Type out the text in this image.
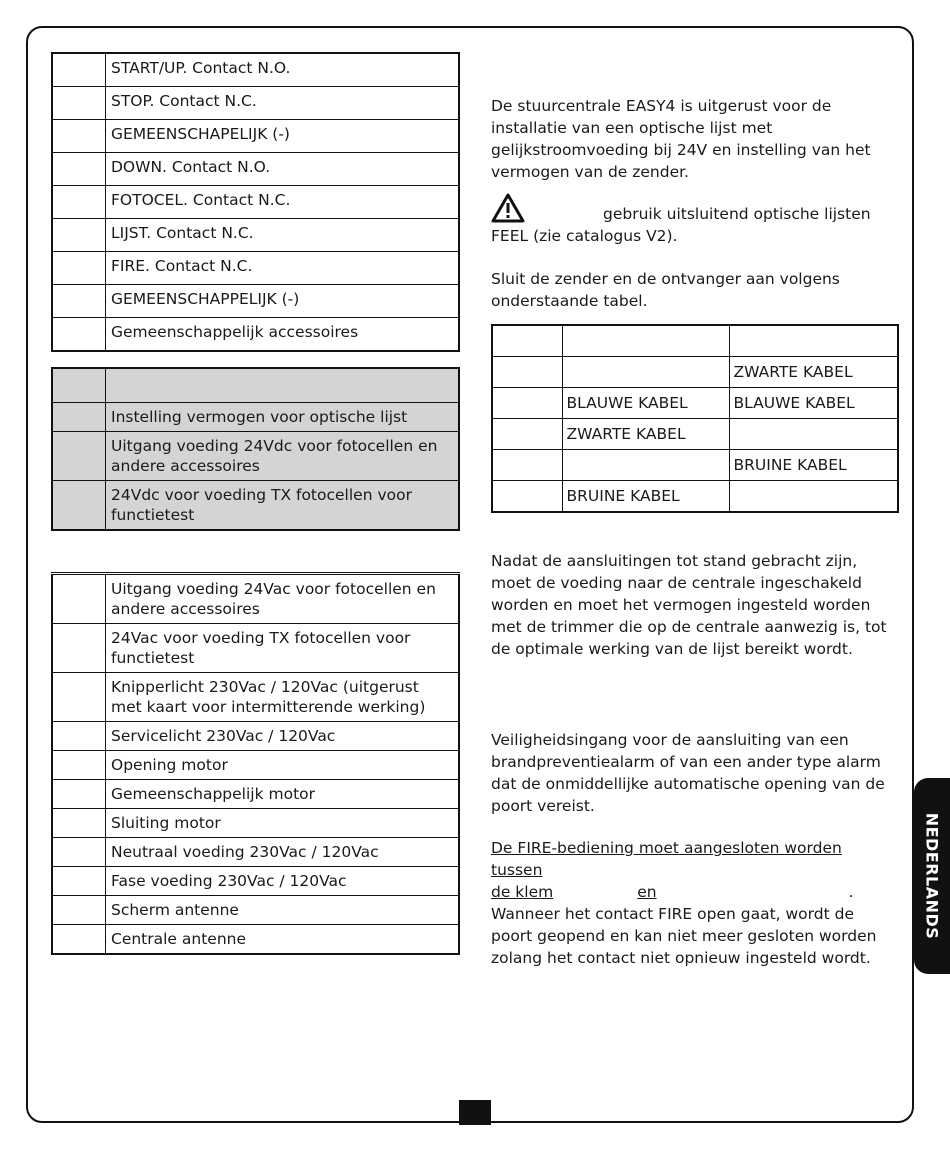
	START/UP. Contact N.O.
	STOP. Contact N.C.
	GEMEENSCHAPELIJK (-)
	DOWN. Contact N.O.
	FOTOCEL. Contact N.C.
	LIJST. Contact N.C.
	FIRE. Contact N.C.
	GEMEENSCHAPPELIJK (-)
	Gemeenschappelijk accessoires

	Instelling vermogen voor optische lijst
	Uitgang voeding 24Vdc voor fotocellen en andere accessoires
	24Vdc voor voeding TX fotocellen voor functietest
	Uitgang voeding 24Vac voor fotocellen en andere accessoires
	24Vac voor voeding TX fotocellen voor functietest
	Knipperlicht 230Vac / 120Vac (uitgerust met kaart voor intermitterende werking)
	Servicelicht 230Vac / 120Vac
	Opening motor
	Gemeenschappelijk motor
	Sluiting motor
	Neutraal voeding 230Vac / 120Vac
	Fase voeding 230Vac / 120Vac
	Scherm antenne
	Centrale antenne

De stuurcentrale EASY4 is uitgerust voor de installatie van een optische lijst met gelijkstroomvoeding bij 24V en instelling van het vermogen van de zender.

gebruik uitsluitend optische lijsten
FEEL (zie catalogus V2).

Sluit de zender en de ontvanger aan volgens onderstaande tabel.

		ZWARTE KABEL
	BLAUWE KABEL	BLAUWE KABEL
	ZWARTE KABEL	
		BRUINE KABEL
	BRUINE KABEL	

Nadat de aansluitingen tot stand gebracht zijn, moet de voeding naar de centrale ingeschakeld worden en moet het vermogen ingesteld worden met de trimmer die op de centrale aanwezig is, tot de optimale werking van de lijst bereikt wordt.

Veiligheidsingang voor de aansluiting van een brandpreventiealarm of van een ander type alarm dat de onmiddellijke automatische opening van de poort vereist.

De FIRE-bediening moet aangesloten worden tussen

de klem	en	.

Wanneer het contact FIRE open gaat, wordt de poort geopend en kan niet meer gesloten worden zolang het contact niet opnieuw ingesteld wordt.

NEDERLANDS
